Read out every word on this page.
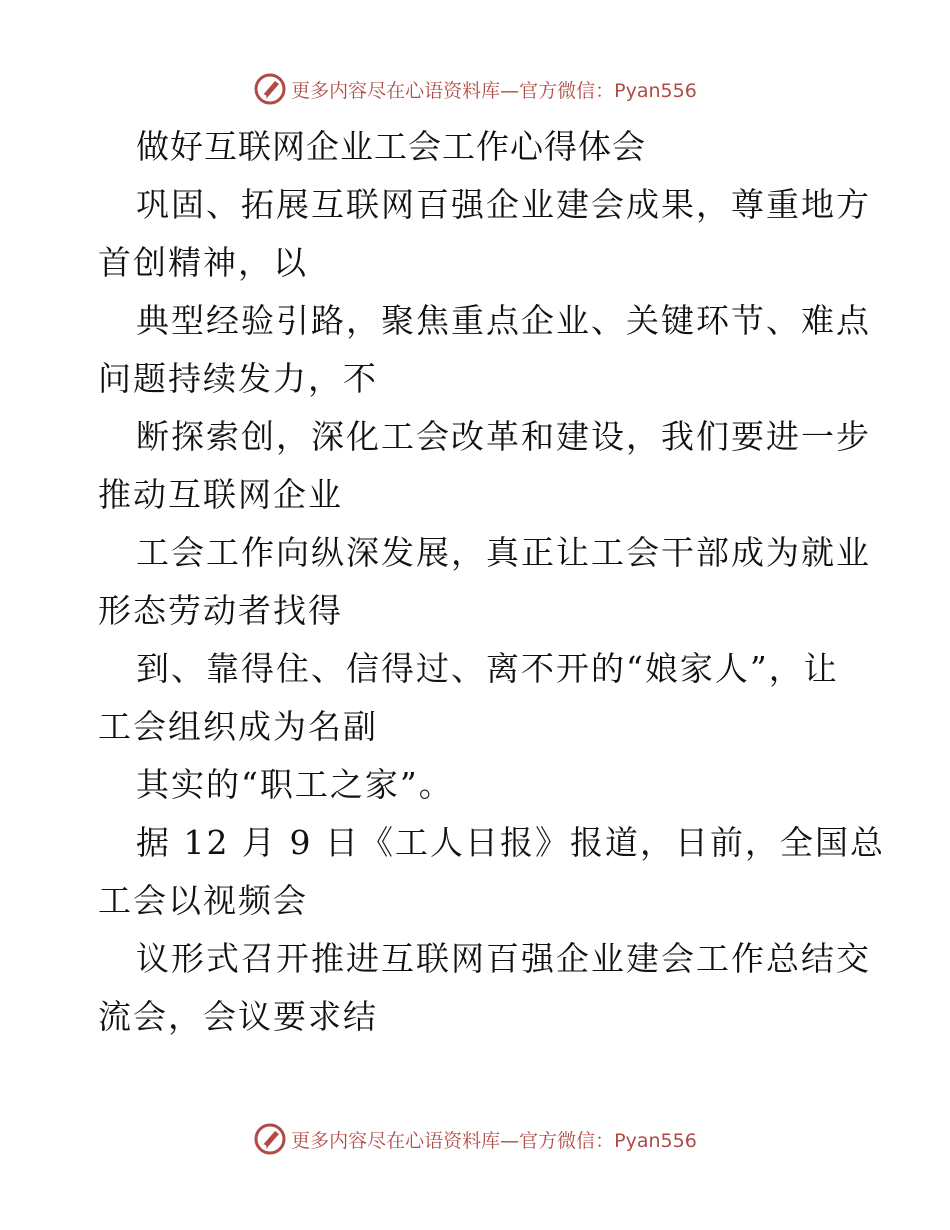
更多内容尽在心语资料库—官方微信：Pyan556
做好互联网企业工会工作心得体会
巩固、拓展互联网百强企业建会成果，尊重地方
首创精神，以
典型经验引路，聚焦重点企业、关键环节、难点
问题持续发力，不
断探索创，深化工会改革和建设，我们要进一步
推动互联网企业
工会工作向纵深发展，真正让工会干部成为就业
形态劳动者找得
到、靠得住、信得过、离不开的“娘家人”，让
工会组织成为名副
其实的“职工之家”。
据 12 月 9 日《工人日报》报道，日前，全国总
工会以视频会
议形式召开推进互联网百强企业建会工作总结交
流会，会议要求结
更多内容尽在心语资料库—官方微信：Pyan556
